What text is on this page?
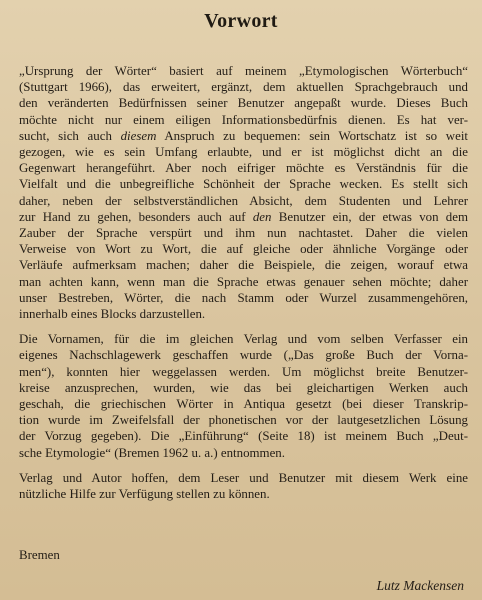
Vorwort
„Ursprung der Wörter“ basiert auf meinem „Etymologischen Wörterbuch“
(Stuttgart 1966), das erweitert, ergänzt, dem aktuellen Sprachgebrauch und
den veränderten Bedürfnissen seiner Benutzer angepaßt wurde. Dieses Buch
möchte nicht nur einem eiligen Informationsbedürfnis dienen. Es hat ver-
sucht, sich auch diesem Anspruch zu bequemen: sein Wortschatz ist so weit
gezogen, wie es sein Umfang erlaubte, und er ist möglichst dicht an die
Gegenwart herangeführt. Aber noch eifriger möchte es Verständnis für die
Vielfalt und die unbegreifliche Schönheit der Sprache wecken. Es stellt sich
daher, neben der selbstverständlichen Absicht, dem Studenten und Lehrer
zur Hand zu gehen, besonders auch auf den Benutzer ein, der etwas von dem
Zauber der Sprache verspürt und ihm nun nachtastet. Daher die vielen
Verweise von Wort zu Wort, die auf gleiche oder ähnliche Vorgänge oder
Verläufe aufmerksam machen; daher die Beispiele, die zeigen, worauf etwa
man achten kann, wenn man die Sprache etwas genauer sehen möchte; daher
unser Bestreben, Wörter, die nach Stamm oder Wurzel zusammengehören,
innerhalb eines Blocks darzustellen.
Die Vornamen, für die im gleichen Verlag und vom selben Verfasser ein
eigenes Nachschlagewerk geschaffen wurde („Das große Buch der Vorna-
men“), konnten hier weggelassen werden. Um möglichst breite Benutzer-
kreise anzusprechen, wurden, wie das bei gleichartigen Werken auch
geschah, die griechischen Wörter in Antiqua gesetzt (bei dieser Transkrip-
tion wurde im Zweifelsfall der phonetischen vor der lautgesetzlichen Lösung
der Vorzug gegeben). Die „Einführung“ (Seite 18) ist meinem Buch „Deut-
sche Etymologie“ (Bremen 1962 u. a.) entnommen.
Verlag und Autor hoffen, dem Leser und Benutzer mit diesem Werk eine
nützliche Hilfe zur Verfügung stellen zu können.
Bremen
Lutz Mackensen
